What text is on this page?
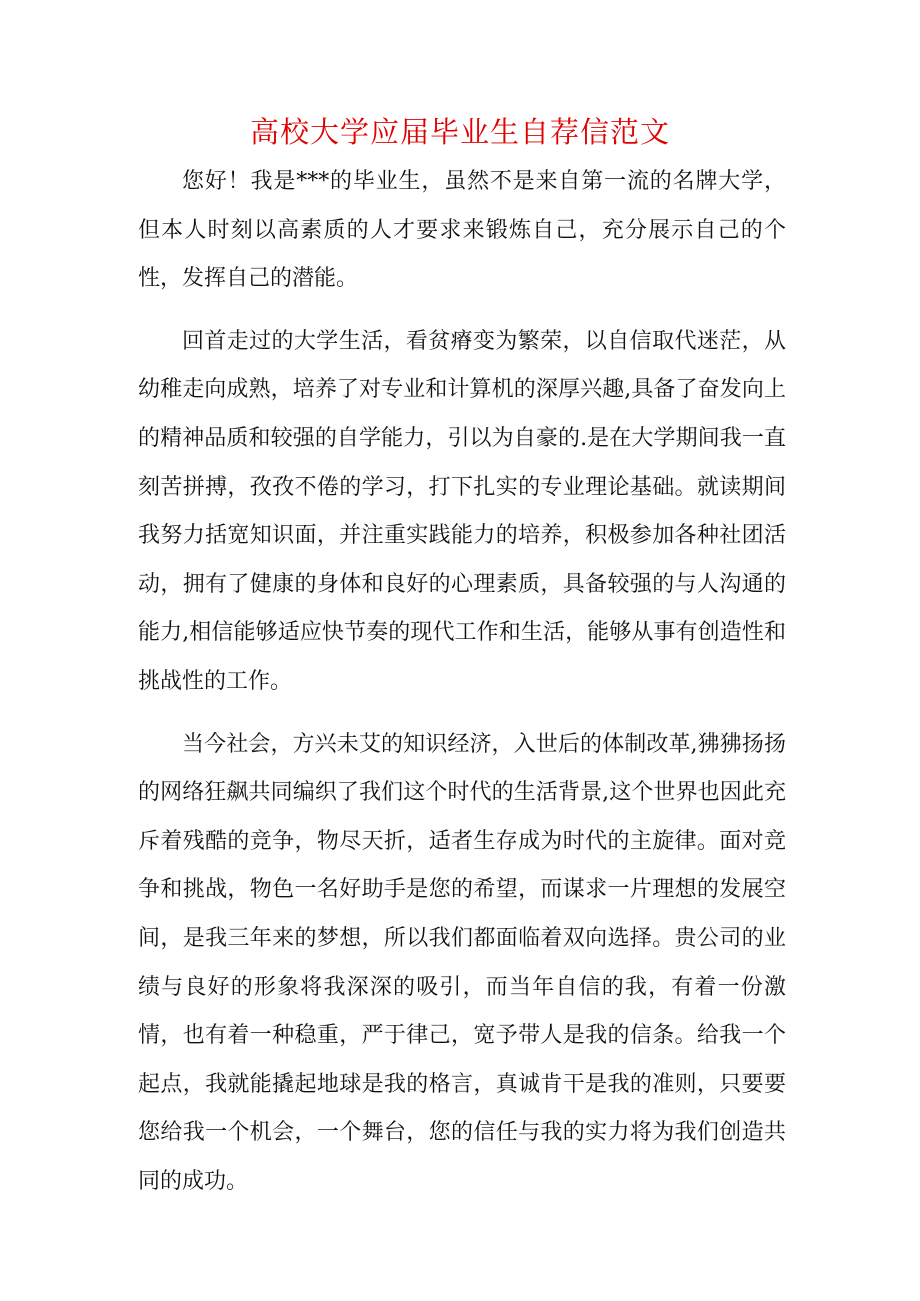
高校大学应届毕业生自荐信范文

您好！我是***的毕业生，虽然不是来自第一流的名牌大学，但本人时刻以高素质的人才要求来锻炼自己，充分展示自己的个性，发挥自己的潜能。

回首走过的大学生活，看贫瘠变为繁荣，以自信取代迷茫，从幼稚走向成熟，培养了对专业和计算机的深厚兴趣,具备了奋发向上的精神品质和较强的自学能力，引以为自豪的.是在大学期间我一直刻苦拼搏，孜孜不倦的学习，打下扎实的专业理论基础。就读期间我努力括宽知识面，并注重实践能力的培养，积极参加各种社团活动，拥有了健康的身体和良好的心理素质，具备较强的与人沟通的能力,相信能够适应快节奏的现代工作和生活，能够从事有创造性和挑战性的工作。

当今社会，方兴未艾的知识经济，入世后的体制改革,狒狒扬扬的网络狂飙共同编织了我们这个时代的生活背景,这个世界也因此充斥着残酷的竞争，物尽天折，适者生存成为时代的主旋律。面对竞争和挑战，物色一名好助手是您的希望，而谋求一片理想的发展空间，是我三年来的梦想，所以我们都面临着双向选择。贵公司的业绩与良好的形象将我深深的吸引，而当年自信的我，有着一份激情，也有着一种稳重，严于律己，宽予带人是我的信条。给我一个起点，我就能撬起地球是我的格言，真诚肯干是我的准则，只要要您给我一个机会，一个舞台，您的信任与我的实力将为我们创造共同的成功。
